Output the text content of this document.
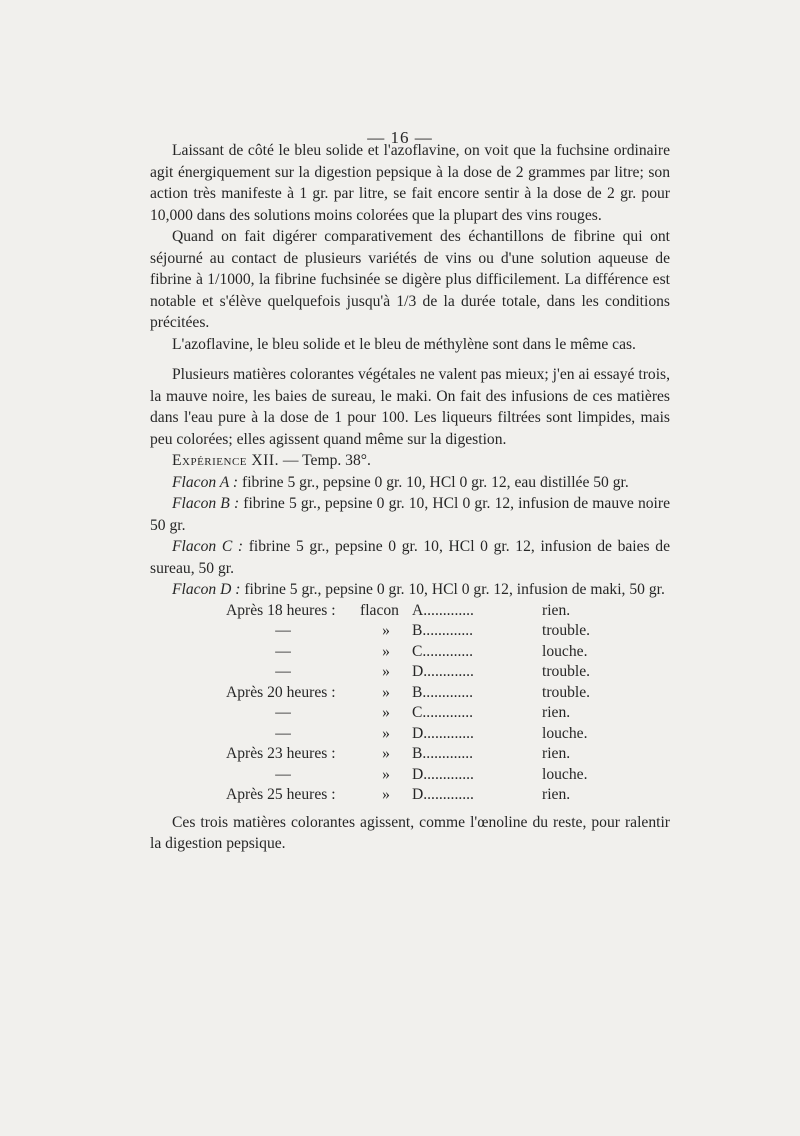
— 16 —

Laissant de côté le bleu solide et l'azoflavine, on voit que la fuchsine ordinaire agit énergiquement sur la digestion pepsique à la dose de 2 grammes par litre; son action très manifeste à 1 gr. par litre, se fait encore sentir à la dose de 2 gr. pour 10,000 dans des solutions moins colorées que la plupart des vins rouges.

Quand on fait digérer comparativement des échantillons de fibrine qui ont séjourné au contact de plusieurs variétés de vins ou d'une solution aqueuse de fibrine à 1/1000, la fibrine fuchsinée se digère plus difficilement. La différence est notable et s'élève quelquefois jusqu'à 1/3 de la durée totale, dans les conditions précitées.

L'azoflavine, le bleu solide et le bleu de méthylène sont dans le même cas.

Plusieurs matières colorantes végétales ne valent pas mieux; j'en ai essayé trois, la mauve noire, les baies de sureau, le maki. On fait des infusions de ces matières dans l'eau pure à la dose de 1 pour 100. Les liqueurs filtrées sont limpides, mais peu colorées; elles agissent quand même sur la digestion.

Expérience XII. — Temp. 38°.

Flacon A : fibrine 5 gr., pepsine 0 gr. 10, HCl 0 gr. 12, eau distillée 50 gr.

Flacon B : fibrine 5 gr., pepsine 0 gr. 10, HCl 0 gr. 12, infusion de mauve noire 50 gr.

Flacon C : fibrine 5 gr., pepsine 0 gr. 10, HCl 0 gr. 12, infusion de baies de sureau, 50 gr.

Flacon D : fibrine 5 gr., pepsine 0 gr. 10, HCl 0 gr. 12, infusion de maki, 50 gr.

Après 18 heures :	flacon	A.............	rien.
—	»	B.............	trouble.
—	»	C.............	louche.
—	»	D.............	trouble.
Après 20 heures :	»	B.............	trouble.
—	»	C.............	rien.
—	»	D.............	louche.
Après 23 heures :	»	B.............	rien.
—	»	D.............	louche.
Après 25 heures :	»	D.............	rien.

Ces trois matières colorantes agissent, comme l'œnoline du reste, pour ralentir la digestion pepsique.
